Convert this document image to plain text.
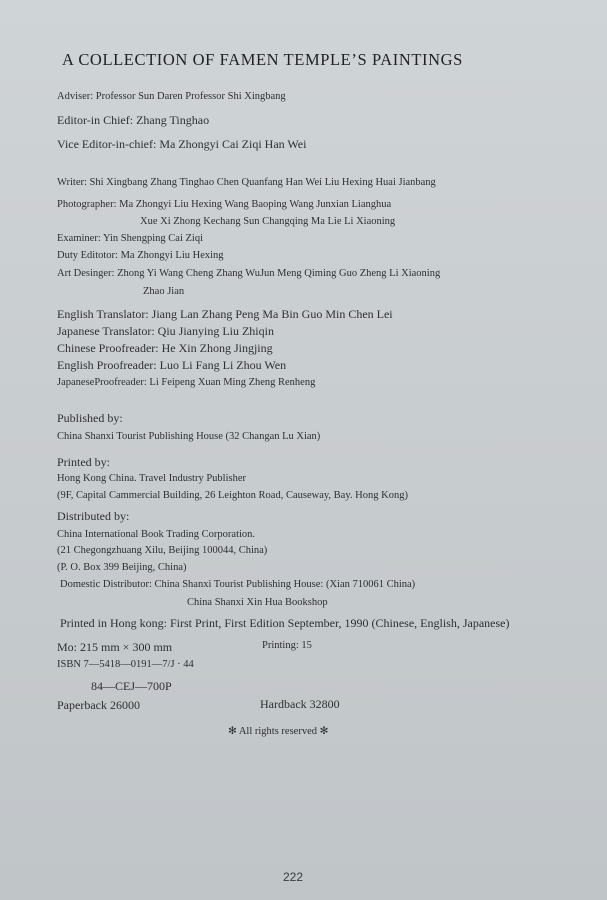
A COLLECTION OF FAMEN TEMPLE’S PAINTINGS
Adviser: Professor Sun Daren Professor Shi Xingbang
Editor-in Chief: Zhang Tinghao
Vice Editor-in-chief: Ma Zhongyi Cai Ziqi Han Wei
Writer: Shi Xingbang Zhang Tinghao Chen Quanfang Han Wei Liu Hexing Huai Jianbang
Photographer: Ma Zhongyi Liu Hexing Wang Baoping Wang Junxian Lianghua
Xue Xi Zhong Kechang Sun Changqing Ma Lie Li Xiaoning
Examiner: Yin Shengping Cai Ziqi
Duty Editotor: Ma Zhongyi Liu Hexing
Art Desinger: Zhong Yi Wang Cheng Zhang WuJun Meng Qiming Guo Zheng Li Xiaoning
Zhao Jian
English Translator: Jiang Lan Zhang Peng Ma Bin Guo Min Chen Lei
Japanese Translator: Qiu Jianying Liu Zhiqin
Chinese Proofreader: He Xin Zhong Jingjing
English Proofreader: Luo Li Fang Li Zhou Wen
JapaneseProofreader: Li Feipeng Xuan Ming Zheng Renheng
Published by:
China Shanxi Tourist Publishing House (32 Changan Lu Xian)
Printed by:
Hong Kong China. Travel Industry Publisher
(9F, Capital Cammercial Building, 26 Leighton Road, Causeway, Bay. Hong Kong)
Distributed by:
China International Book Trading Corporation.
(21 Chegongzhuang Xilu, Beijing 100044, China)
(P. O. Box 399 Beijing, China)
Domestic Distributor: China Shanxi Tourist Publishing House: (Xian 710061 China)
China Shanxi Xin Hua Bookshop
Printed in Hong kong: First Print, First Edition September, 1990 (Chinese, English, Japanese)
Mo: 215 mm × 300 mm	Printing: 15
ISBN 7—5418—0191—7/J · 44
84—CEJ—700P
Paperback 26000	Hardback 32800
✻ All rights reserved ✻
222
